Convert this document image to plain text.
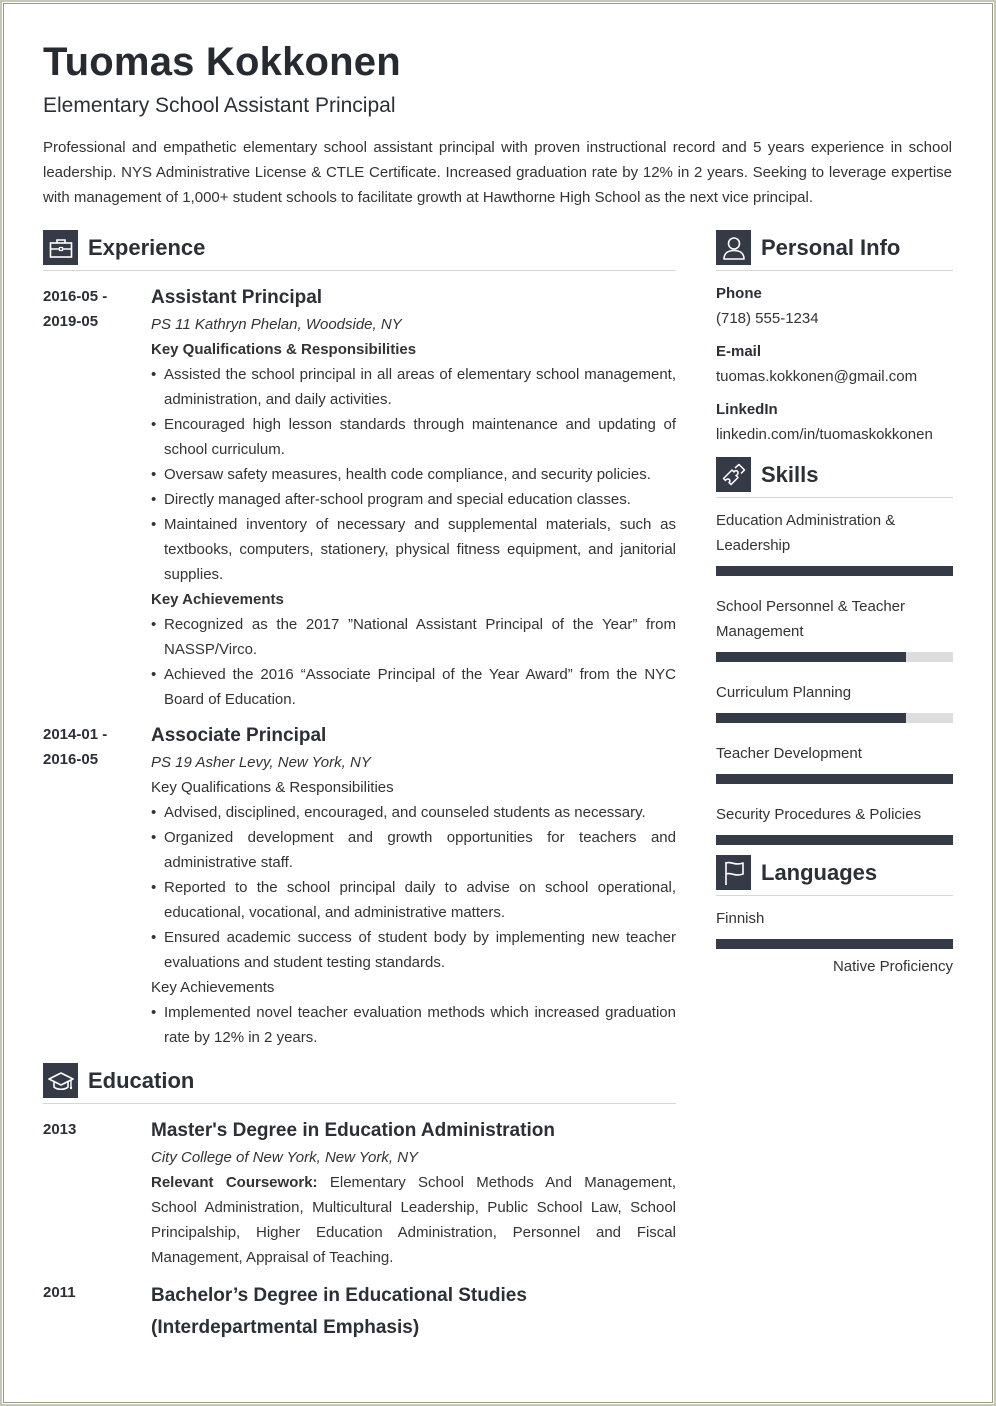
Tuomas Kokkonen
Elementary School Assistant Principal
Professional and empathetic elementary school assistant principal with proven instructional record and 5 years experience in school leadership. NYS Administrative License & CTLE Certificate. Increased graduation rate by 12% in 2 years. Seeking to leverage expertise with management of 1,000+ student schools to facilitate growth at Hawthorne High School as the next vice principal.
Experience
2016-05 -
2019-05
Assistant Principal
PS 11 Kathryn Phelan, Woodside, NY
Key Qualifications & Responsibilities
• Assisted the school principal in all areas of elementary school management, administration, and daily activities.
• Encouraged high lesson standards through maintenance and updating of school curriculum.
• Oversaw safety measures, health code compliance, and security policies.
• Directly managed after-school program and special education classes.
• Maintained inventory of necessary and supplemental materials, such as textbooks, computers, stationery, physical fitness equipment, and janitorial supplies.
Key Achievements
• Recognized as the 2017 ”National Assistant Principal of the Year” from NASSP/Virco.
• Achieved the 2016 “Associate Principal of the Year Award” from the NYC Board of Education.
2014-01 -
2016-05
Associate Principal
PS 19 Asher Levy, New York, NY
Key Qualifications & Responsibilities
• Advised, disciplined, encouraged, and counseled students as necessary.
• Organized development and growth opportunities for teachers and administrative staff.
• Reported to the school principal daily to advise on school operational, educational, vocational, and administrative matters.
• Ensured academic success of student body by implementing new teacher evaluations and student testing standards.
Key Achievements
• Implemented novel teacher evaluation methods which increased graduation rate by 12% in 2 years.
Education
2013	Master's Degree in Education Administration
City College of New York, New York, NY
Relevant Coursework: Elementary School Methods And Management, School Administration, Multicultural Leadership, Public School Law, School Principalship, Higher Education Administration, Personnel and Fiscal Management, Appraisal of Teaching.
2011	Bachelor’s Degree in Educational Studies (Interdepartmental Emphasis)
Personal Info
Phone
(718) 555-1234
E-mail
tuomas.kokkonen@gmail.com
LinkedIn
linkedin.com/in/tuomaskokkonen
Skills
Education Administration & Leadership
School Personnel & Teacher Management
Curriculum Planning
Teacher Development
Security Procedures & Policies
Languages
Finnish
Native Proficiency
